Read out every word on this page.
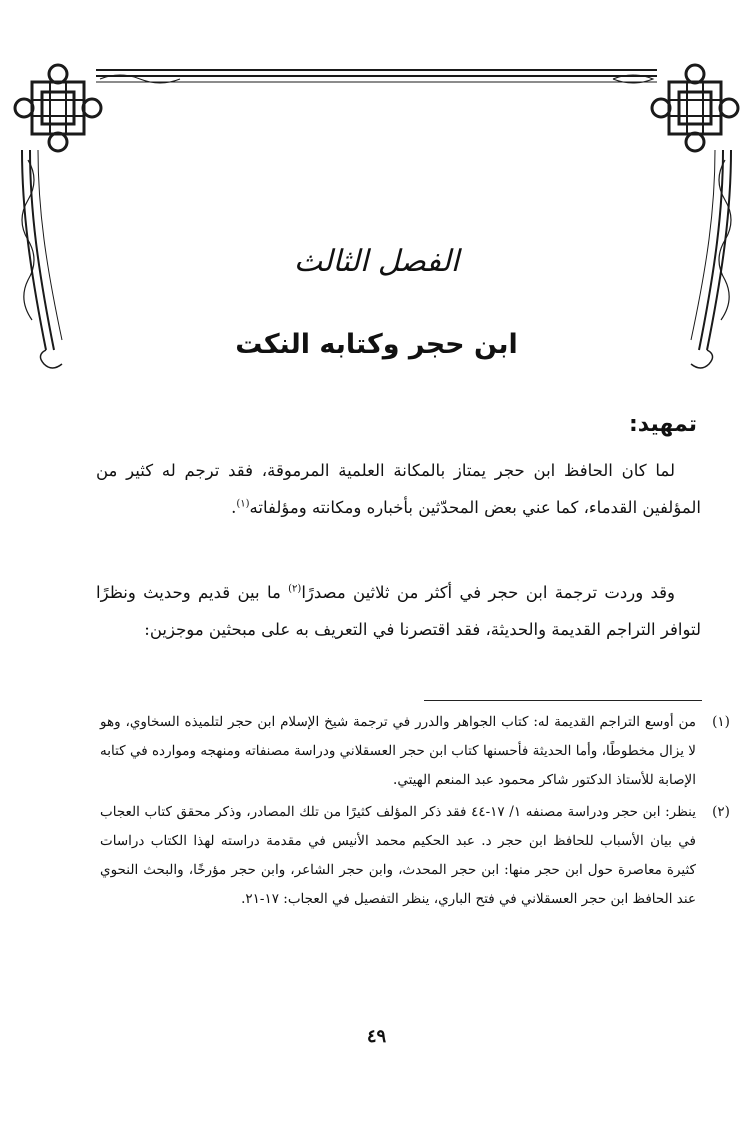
الفصل الثالث
ابن حجر وكتابه النكت
تمهيد:
لما كان الحافظ ابن حجر يمتاز بالمكانة العلمية المرموقة، فقد ترجم له كثير من المؤلفين القدماء، كما عني بعض المحدّثين بأخباره ومكانته ومؤلفاته$^{(١)}$.
وقد وردت ترجمة ابن حجر في أكثر من ثلاثين مصدرًا$^{(٢)}$ ما بين قديم وحديث ونظرًا لتوافر التراجم القديمة والحديثة، فقد اقتصرنا في التعريف به على مبحثين موجزين:
(١)
من أوسع التراجم القديمة له: كتاب الجواهر والدرر في ترجمة شيخ الإسلام ابن حجر لتلميذه السخاوي، وهو لا يزال مخطوطًا، وأما الحديثة فأحسنها كتاب ابن حجر العسقلاني ودراسة مصنفاته ومنهجه وموارده في كتابه الإصابة للأستاذ الدكتور شاكر محمود عبد المنعم الهيتي.
(٢)
ينظر: ابن حجر ودراسة مصنفه ١/ ١٧-٤٤ فقد ذكر المؤلف كثيرًا من تلك المصادر، وذكر محقق كتاب العجاب في بيان الأسباب للحافظ ابن حجر د. عبد الحكيم محمد الأنيس في مقدمة دراسته لهذا الكتاب دراسات كثيرة معاصرة حول ابن حجر منها: ابن حجر المحدث، وابن حجر الشاعر، وابن حجر مؤرخًا، والبحث النحوي عند الحافظ ابن حجر العسقلاني في فتح الباري، ينظر التفصيل في العجاب: ١٧-٢١.
٤٩
